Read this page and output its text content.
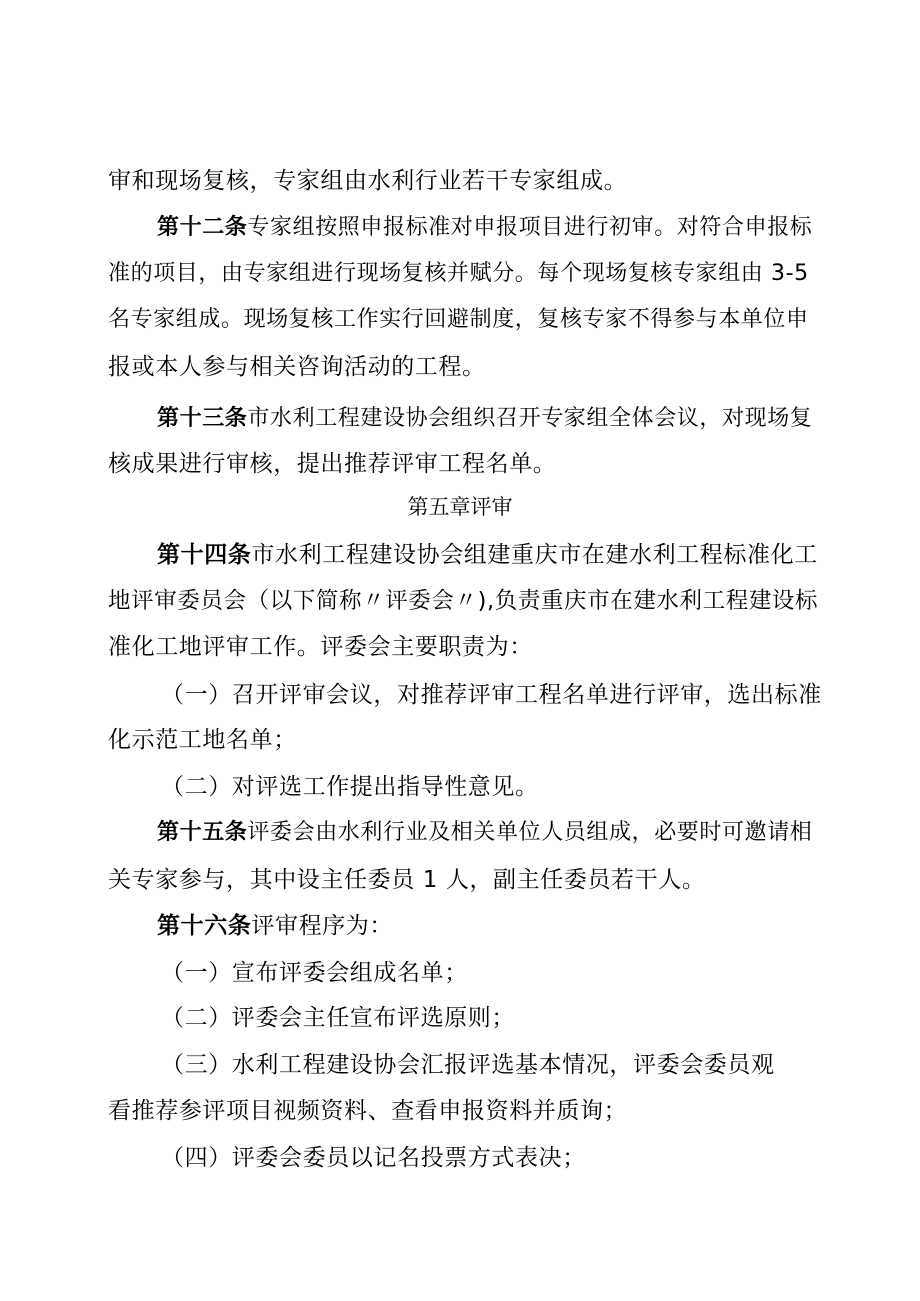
审和现场复核，专家组由水利行业若干专家组成。
第十二条专家组按照申报标准对申报项目进行初审。对符合申报标
准的项目，由专家组进行现场复核并赋分。每个现场复核专家组由 3-5
名专家组成。现场复核工作实行回避制度，复核专家不得参与本单位申
报或本人参与相关咨询活动的工程。
第十三条市水利工程建设协会组织召开专家组全体会议，对现场复
核成果进行审核，提出推荐评审工程名单。
第五章评审
第十四条市水利工程建设协会组建重庆市在建水利工程标准化工
地评审委员会（以下简称〃评委会〃),负责重庆市在建水利工程建设标
准化工地评审工作。评委会主要职责为：
（一）召开评审会议，对推荐评审工程名单进行评审，选出标准
化示范工地名单；
（二）对评选工作提出指导性意见。
第十五条评委会由水利行业及相关单位人员组成，必要时可邀请相
关专家参与，其中设主任委员 1 人，副主任委员若干人。
第十六条评审程序为：
（一）宣布评委会组成名单；
（二）评委会主任宣布评选原则；
（三）水利工程建设协会汇报评选基本情况，评委会委员观
看推荐参评项目视频资料、查看申报资料并质询；
（四）评委会委员以记名投票方式表决；
